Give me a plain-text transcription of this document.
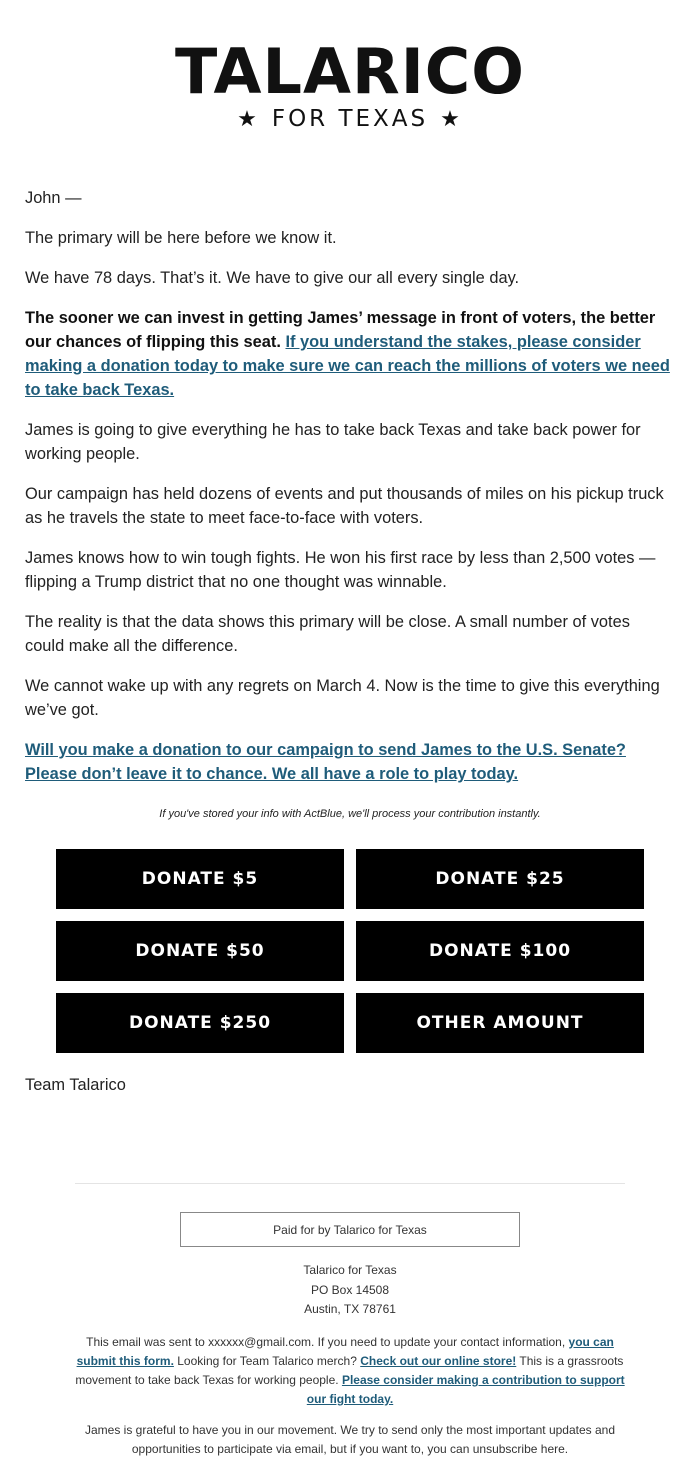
TALARICO
★ FOR TEXAS ★

John —

The primary will be here before we know it.

We have 78 days. That’s it. We have to give our all every single day.

The sooner we can invest in getting James’ message in front of voters, the better our chances of flipping this seat. If you understand the stakes, please consider making a donation today to make sure we can reach the millions of voters we need to take back Texas.

James is going to give everything he has to take back Texas and take back power for working people.

Our campaign has held dozens of events and put thousands of miles on his pickup truck as he travels the state to meet face-to-face with voters.

James knows how to win tough fights. He won his first race by less than 2,500 votes — flipping a Trump district that no one thought was winnable.

The reality is that the data shows this primary will be close. A small number of votes could make all the difference.

We cannot wake up with any regrets on March 4. Now is the time to give this everything we’ve got.

Will you make a donation to our campaign to send James to the U.S. Senate? Please don’t leave it to chance. We all have a role to play today.

If you've stored your info with ActBlue, we'll process your contribution instantly.
DONATE $5	DONATE $25
DONATE $50	DONATE $100
DONATE $250	OTHER AMOUNT
Team Talarico
Paid for by Talarico for Texas
Talarico for Texas
PO Box 14508
Austin, TX 78761

This email was sent to xxxxxx@gmail.com. If you need to update your contact information, you can submit this form. Looking for Team Talarico merch? Check out our online store! This is a grassroots movement to take back Texas for working people. Please consider making a contribution to support our fight today.

James is grateful to have you in our movement. We try to send only the most important updates and opportunities to participate via email, but if you want to, you can unsubscribe here.
